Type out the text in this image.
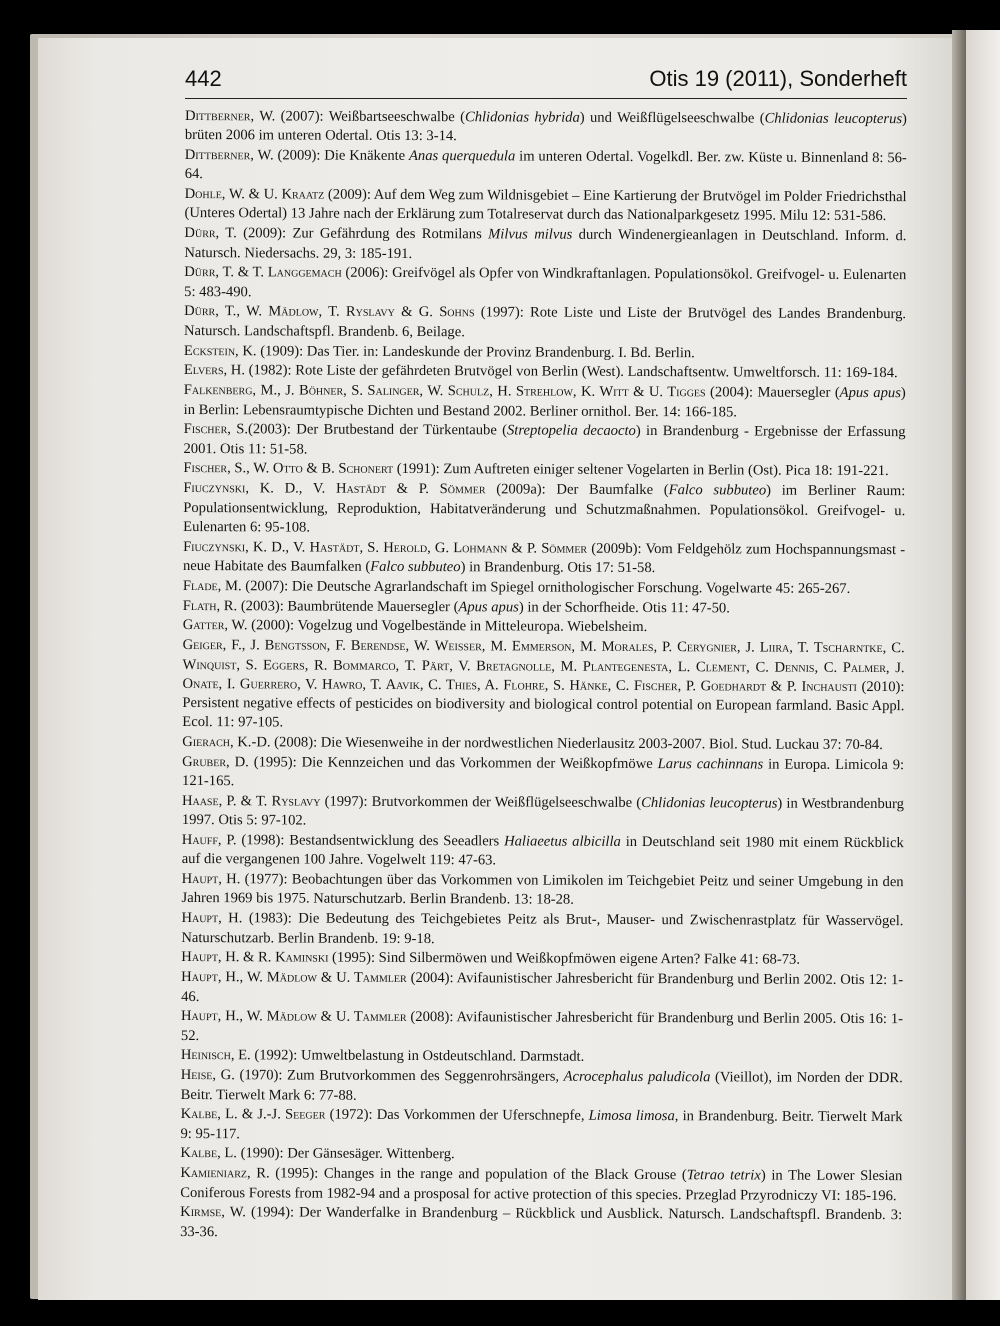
442	Otis 19 (2011), Sonderheft

Dittberner, W. (2007): Weißbartseeschwalbe (Chlidonias hybrida) und Weißflügelseeschwalbe (Chlidonias leucopterus) brüten 2006 im unteren Odertal. Otis 13: 3-14.

Dittberner, W. (2009): Die Knäkente Anas querquedula im unteren Odertal. Vogelkdl. Ber. zw. Küste u. Binnenland 8: 56-64.

Dohle, W. & U. Kraatz (2009): Auf dem Weg zum Wildnisgebiet – Eine Kartierung der Brutvögel im Polder Friedrichsthal (Unteres Odertal) 13 Jahre nach der Erklärung zum Totalreservat durch das Nationalparkgesetz 1995. Milu 12: 531-586.

Dürr, T. (2009): Zur Gefährdung des Rotmilans Milvus milvus durch Windenergieanlagen in Deutschland. Inform. d. Natursch. Niedersachs. 29, 3: 185-191.

Dürr, T. & T. Langgemach (2006): Greifvögel als Opfer von Windkraftanlagen. Populationsökol. Greifvogel- u. Eulenarten 5: 483-490.

Dürr, T., W. Mädlow, T. Ryslavy & G. Sohns (1997): Rote Liste und Liste der Brutvögel des Landes Brandenburg. Natursch. Landschaftspfl. Brandenb. 6, Beilage.

Eckstein, K. (1909): Das Tier. in: Landeskunde der Provinz Brandenburg. I. Bd. Berlin.

Elvers, H. (1982): Rote Liste der gefährdeten Brutvögel von Berlin (West). Landschaftsentw. Umweltforsch. 11: 169-184.

Falkenberg, M., J. Böhner, S. Salinger, W. Schulz, H. Strehlow, K. Witt & U. Tigges (2004): Mauersegler (Apus apus) in Berlin: Lebensraumtypische Dichten und Bestand 2002. Berliner ornithol. Ber. 14: 166-185.

Fischer, S.(2003): Der Brutbestand der Türkentaube (Streptopelia decaocto) in Brandenburg - Ergebnisse der Erfassung 2001. Otis 11: 51-58.

Fischer, S., W. Otto & B. Schonert (1991): Zum Auftreten einiger seltener Vogelarten in Berlin (Ost). Pica 18: 191-221.

Fiuczynski, K. D., V. Hastädt & P. Sömmer (2009a): Der Baumfalke (Falco subbuteo) im Berliner Raum: Populationsentwicklung, Reproduktion, Habitatveränderung und Schutzmaßnahmen. Populationsökol. Greifvogel- u. Eulenarten 6: 95-108.

Fiuczynski, K. D., V. Hastädt, S. Herold, G. Lohmann & P. Sömmer (2009b): Vom Feldgehölz zum Hochspannungsmast - neue Habitate des Baumfalken (Falco subbuteo) in Brandenburg. Otis 17: 51-58.

Flade, M. (2007): Die Deutsche Agrarlandschaft im Spiegel ornithologischer Forschung. Vogelwarte 45: 265-267.

Flath, R. (2003): Baumbrütende Mauersegler (Apus apus) in der Schorfheide. Otis 11: 47-50.

Gatter, W. (2000): Vogelzug und Vogelbestände in Mitteleuropa. Wiebelsheim.

Geiger, F., J. Bengtsson, F. Berendse, W. Weisser, M. Emmerson, M. Morales, P. Cerygnier, J. Liira, T. Tscharntke, C. Winquist, S. Eggers, R. Bommarco, T. Pärt, V. Bretagnolle, M. Plantegenesta, L. Clement, C. Dennis, C. Palmer, J. Onate, I. Guerrero, V. Hawro, T. Aavik, C. Thies, A. Flohre, S. Hänke, C. Fischer, P. Goedhardt & P. Inchausti (2010): Persistent negative effects of pesticides on biodiversity and biological control potential on European farmland. Basic Appl. Ecol. 11: 97-105.

Gierach, K.-D. (2008): Die Wiesenweihe in der nordwestlichen Niederlausitz 2003-2007. Biol. Stud. Luckau 37: 70-84.

Gruber, D. (1995): Die Kennzeichen und das Vorkommen der Weißkopfmöwe Larus cachinnans in Europa. Limicola 9: 121-165.

Haase, P. & T. Ryslavy (1997): Brutvorkommen der Weißflügelseeschwalbe (Chlidonias leucopterus) in Westbrandenburg 1997. Otis 5: 97-102.

Hauff, P. (1998): Bestandsentwicklung des Seeadlers Haliaeetus albicilla in Deutschland seit 1980 mit einem Rückblick auf die vergangenen 100 Jahre. Vogelwelt 119: 47-63.

Haupt, H. (1977): Beobachtungen über das Vorkommen von Limikolen im Teichgebiet Peitz und seiner Umgebung in den Jahren 1969 bis 1975. Naturschutzarb. Berlin Brandenb. 13: 18-28.

Haupt, H. (1983): Die Bedeutung des Teichgebietes Peitz als Brut-, Mauser- und Zwischenrastplatz für Wasservögel. Naturschutzarb. Berlin Brandenb. 19: 9-18.

Haupt, H. & R. Kaminski (1995): Sind Silbermöwen und Weißkopfmöwen eigene Arten? Falke 41: 68-73.

Haupt, H., W. Mädlow & U. Tammler (2004): Avifaunistischer Jahresbericht für Brandenburg und Berlin 2002. Otis 12: 1-46.

Haupt, H., W. Mädlow & U. Tammler (2008): Avifaunistischer Jahresbericht für Brandenburg und Berlin 2005. Otis 16: 1-52.

Heinisch, E. (1992): Umweltbelastung in Ostdeutschland. Darmstadt.

Heise, G. (1970): Zum Brutvorkommen des Seggenrohrsängers, Acrocephalus paludicola (Vieillot), im Norden der DDR. Beitr. Tierwelt Mark 6: 77-88.

Kalbe, L. & J.-J. Seeger (1972): Das Vorkommen der Uferschnepfe, Limosa limosa, in Brandenburg. Beitr. Tierwelt Mark 9: 95-117.

Kalbe, L. (1990): Der Gänsesäger. Wittenberg.

Kamieniarz, R. (1995): Changes in the range and population of the Black Grouse (Tetrao tetrix) in The Lower Slesian Coniferous Forests from 1982-94 and a prosposal for active protection of this species. Przeglad Przyrodniczy VI: 185-196.

Kirmse, W. (1994): Der Wanderfalke in Brandenburg – Rückblick und Ausblick. Natursch. Landschaftspfl. Brandenb. 3: 33-36.
